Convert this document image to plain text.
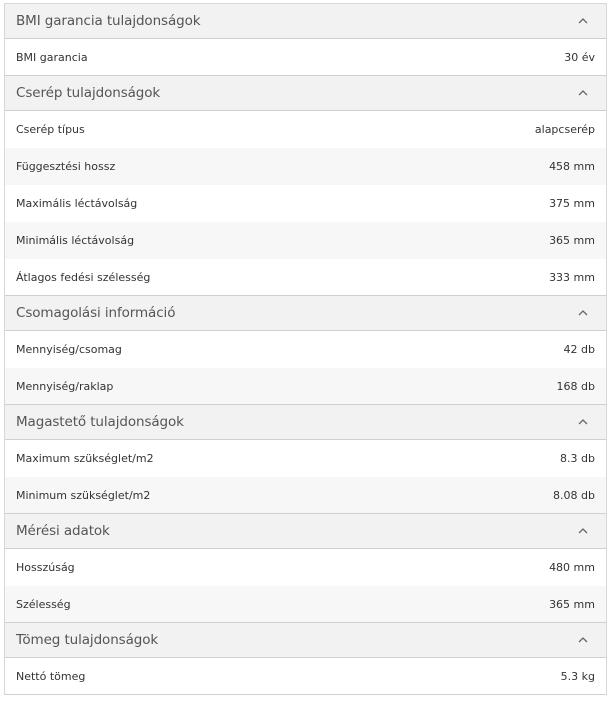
BMI garancia tulajdonságok
BMI garancia	30 év
Cserép tulajdonságok
Cserép típus	alapcserép
Függesztési hossz	458 mm
Maximális léctávolság	375 mm
Minimális léctávolság	365 mm
Átlagos fedési szélesség	333 mm
Csomagolási információ
Mennyiség/csomag	42 db
Mennyiség/raklap	168 db
Magastető tulajdonságok
Maximum szükséglet/m2	8.3 db
Minimum szükséglet/m2	8.08 db
Mérési adatok
Hosszúság	480 mm
Szélesség	365 mm
Tömeg tulajdonságok
Nettó tömeg	5.3 kg
